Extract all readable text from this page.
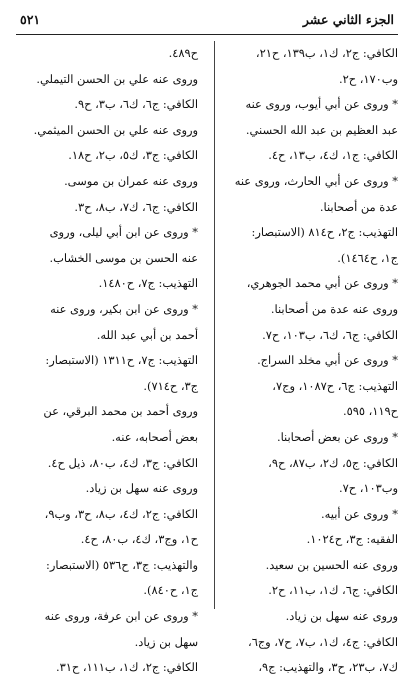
الجزء الثاني عشر
٥٢١
الكافي: ج٢، ك١، ب١٣٩، ح٢١،
وب١٧٠، ح٢.
* وروى عن أبي أيوب، وروى عنه
عبد العظيم بن عبد الله الحسني.
الكافي: ج١، ك٤، ب١٣، ح٤.
* وروى عن أبي الحارث، وروى عنه
عدة من أصحابنا.
التهذيب: ج٢، ح٨١٤ (الاستبصار:
ج١، ح١٤٦٤).
* وروى عن أبي محمد الجوهري،
وروى عنه عدة من أصحابنا.
الكافي: ج٦، ك٦، ب١٠٣، ح٧.
* وروى عن أبي مخلد السراج.
التهذيب: ج٦، ح١٠٨٧، وج٧،
ح١١٩، ٥٩٥.
* وروى عن بعض أصحابنا.
الكافي: ج٥، ك٢، ب٨٧، ح٩،
وب١٠٣، ح٧.
* وروى عن أبيه.
الفقيه: ج٣، ح١٠٢٤.
وروى عنه الحسين بن سعيد.
الكافي: ج٦، ك١، ب١١، ح٢.
وروى عنه سهل بن زياد.
الكافي: ج٤، ك١، ب٧، ح٧، وج٦،
ك٧، ب٢٣، ح٣، والتهذيب: ج٩،
ح٤٨٩.
وروى عنه علي بن الحسن التيملي.
الكافي: ج٦، ك٦، ب٣، ح٩.
وروى عنه علي بن الحسن الميثمي.
الكافي: ج٣، ك٥، ب٢، ح١٨.
وروى عنه عمران بن موسى.
الكافي: ج٦، ك٧، ب٨، ح٣.
* وروى عن ابن أبي ليلى، وروى
عنه الحسن بن موسى الخشاب.
التهذيب: ج٧، ح١٤٨٠.
* وروى عن ابن بكير، وروى عنه
أحمد بن أبي عبد الله.
التهذيب: ج٧، ح١٣١١ (الاستبصار:
ج٣، ح٧١٤).
وروى أحمد بن محمد البرقي، عن
بعض أصحابه، عنه.
الكافي: ج٣، ك٤، ب٨٠، ذيل ح٤.
وروى عنه سهل بن زياد.
الكافي: ج٢، ك٤، ب٨، ح٣، وب٩،
ح١، وج٣، ك٤، ب٨٠، ح٤.
والتهذيب: ج٣، ح٥٣٦ (الاستبصار:
ج١، ح٨٤٠).
* وروى عن ابن عرفة، وروى عنه
سهل بن زياد.
الكافي: ج٢، ك١، ب١١١، ح٣١.
